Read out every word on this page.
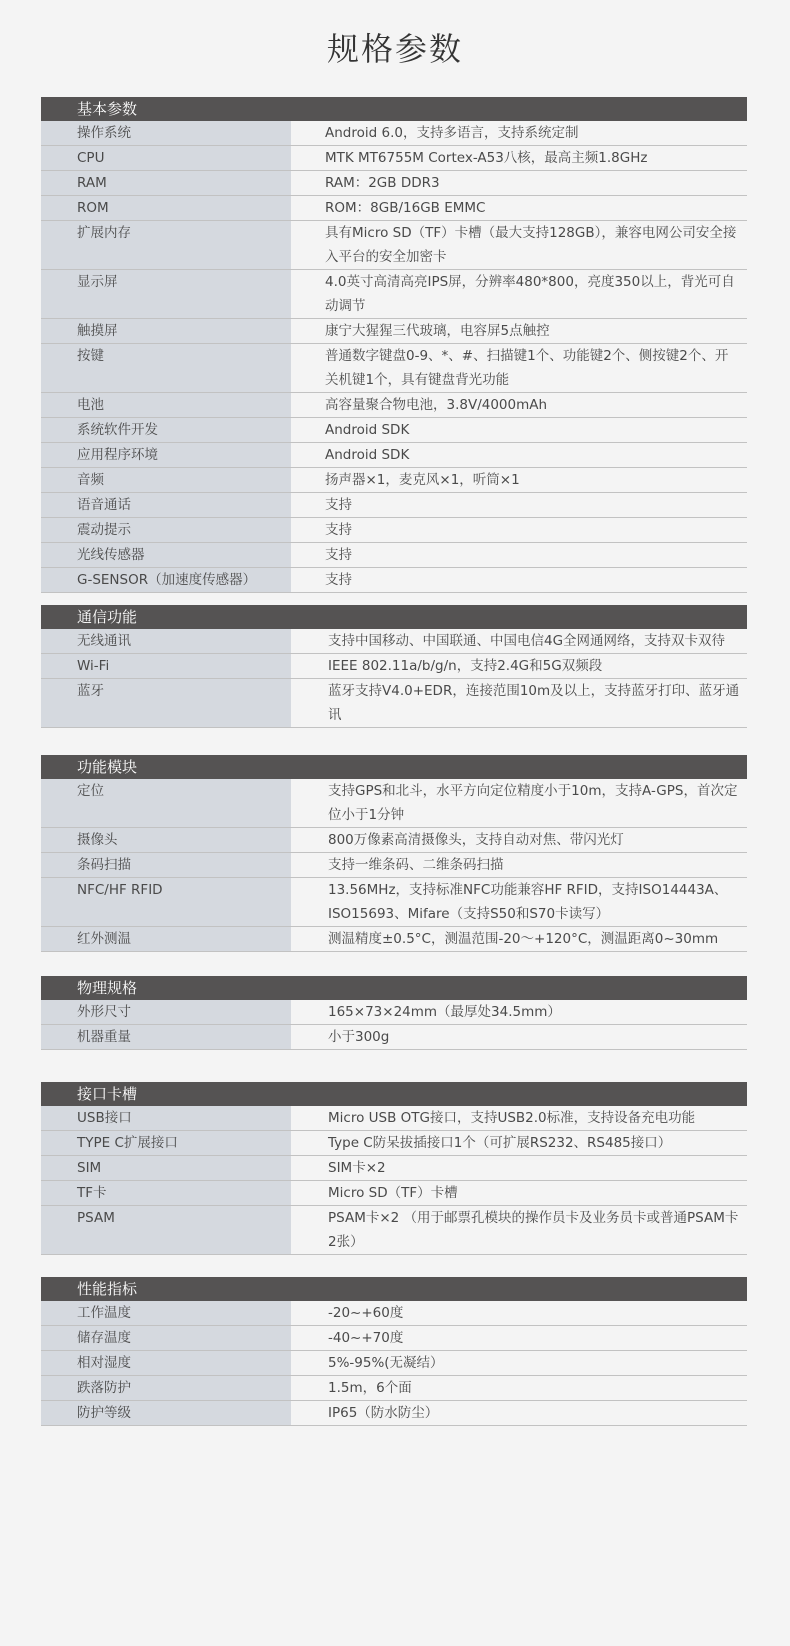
规格参数
基本参数
操作系统	Android 6.0，支持多语言，支持系统定制
CPU	MTK MT6755M Cortex-A53八核，最高主频1.8GHz
RAM	RAM：2GB DDR3
ROM	ROM：8GB/16GB EMMC
扩展内存	具有Micro SD（TF）卡槽（最大支持128GB），兼容电网公司安全接入平台的安全加密卡
显示屏	4.0英寸高清高亮IPS屏，分辨率480*800，亮度350以上，背光可自动调节
触摸屏	康宁大猩猩三代玻璃，电容屏5点触控
按键	普通数字键盘0-9、*、#、扫描键1个、功能键2个、侧按键2个、开关机键1个，具有键盘背光功能
电池	高容量聚合物电池，3.8V/4000mAh
系统软件开发	Android SDK
应用程序环境	Android SDK
音频	扬声器×1，麦克风×1，听筒×1
语音通话	支持
震动提示	支持
光线传感器	支持
G-SENSOR（加速度传感器）	支持
通信功能
无线通讯	支持中国移动、中国联通、中国电信4G全网通网络，支持双卡双待
Wi-Fi	IEEE 802.11a/b/g/n，支持2.4G和5G双频段
蓝牙	蓝牙支持V4.0+EDR，连接范围10m及以上，支持蓝牙打印、蓝牙通讯
功能模块
定位	支持GPS和北斗，水平方向定位精度小于10m，支持A-GPS，首次定位小于1分钟
摄像头	800万像素高清摄像头，支持自动对焦、带闪光灯
条码扫描	支持一维条码、二维条码扫描
NFC/HF RFID	13.56MHz，支持标准NFC功能兼容HF RFID，支持ISO14443A、ISO15693、Mifare（支持S50和S70卡读写）
红外测温	测温精度±0.5°C，测温范围-20～+120°C，测温距离0~30mm
物理规格
外形尺寸	165×73×24mm（最厚处34.5mm）
机器重量	小于300g
接口卡槽
USB接口	Micro USB OTG接口，支持USB2.0标准，支持设备充电功能
TYPE C扩展接口	Type C防呆拔插接口1个（可扩展RS232、RS485接口）
SIM	SIM卡×2
TF卡	Micro SD（TF）卡槽
PSAM	PSAM卡×2 （用于邮票孔模块的操作员卡及业务员卡或普通PSAM卡2张）
性能指标
工作温度	-20~+60度
储存温度	-40~+70度
相对湿度	5%-95%(无凝结）
跌落防护	1.5m，6个面
防护等级	IP65（防水防尘）
